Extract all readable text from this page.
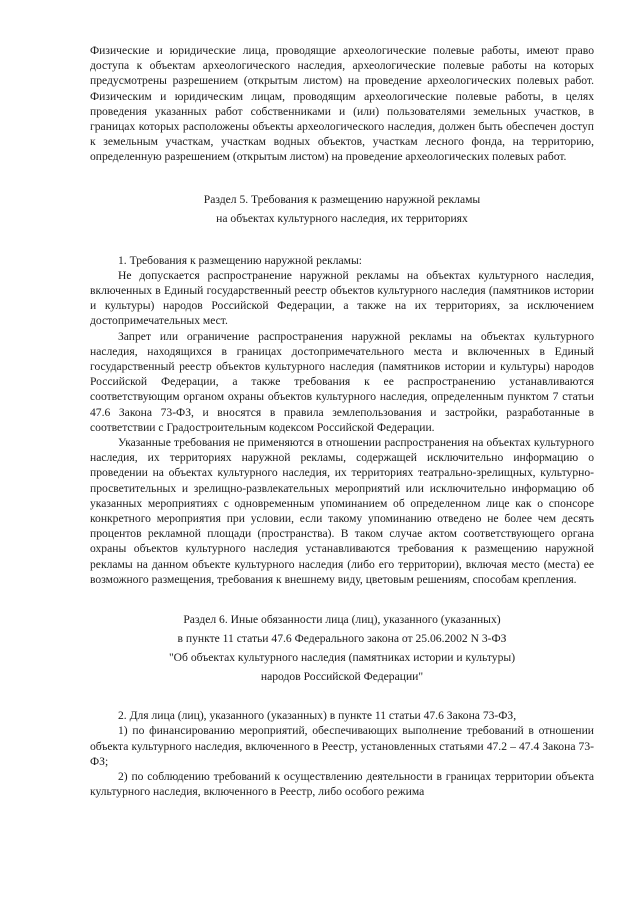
Физические и юридические лица, проводящие археологические полевые работы, имеют право доступа к объектам археологического наследия, археологические полевые работы на которых предусмотрены разрешением (открытым листом) на проведение археологических полевых работ. Физическим и юридическим лицам, проводящим археологические полевые работы, в целях проведения указанных работ собственниками и (или) пользователями земельных участков, в границах которых расположены объекты археологического наследия, должен быть обеспечен доступ к земельным участкам, участкам водных объектов, участкам лесного фонда, на территорию, определенную разрешением (открытым листом) на проведение археологических полевых работ.

Раздел 5. Требования к размещению наружной рекламы

на объектах культурного наследия, их территориях

1. Требования к размещению наружной рекламы:

Не допускается распространение наружной рекламы на объектах культурного наследия, включенных в Единый государственный реестр объектов культурного наследия (памятников истории и культуры) народов Российской Федерации, а также на их территориях, за исключением достопримечательных мест.

Запрет или ограничение распространения наружной рекламы на объектах культурного наследия, находящихся в границах достопримечательного места и включенных в Единый государственный реестр объектов культурного наследия (памятников истории и культуры) народов Российской Федерации, а также требования к ее распространению устанавливаются соответствующим органом охраны объектов культурного наследия, определенным пунктом 7 статьи 47.6 Закона 73-ФЗ, и вносятся в правила землепользования и застройки, разработанные в соответствии с Градостроительным кодексом Российской Федерации.

Указанные требования не применяются в отношении распространения на объектах культурного наследия, их территориях наружной рекламы, содержащей исключительно информацию о проведении на объектах культурного наследия, их территориях театрально-зрелищных, культурно-просветительных и зрелищно-развлекательных мероприятий или исключительно информацию об указанных мероприятиях с одновременным упоминанием об определенном лице как о спонсоре конкретного мероприятия при условии, если такому упоминанию отведено не более чем десять процентов рекламной площади (пространства). В таком случае актом соответствующего органа охраны объектов культурного наследия устанавливаются требования к размещению наружной рекламы на данном объекте культурного наследия (либо его территории), включая место (места) ее возможного размещения, требования к внешнему виду, цветовым решениям, способам крепления.

Раздел 6. Иные обязанности лица (лиц), указанного (указанных)

в пункте 11 статьи 47.6 Федерального закона от 25.06.2002 N 3-ФЗ

"Об объектах культурного наследия (памятниках истории и культуры)

народов Российской Федерации"

2. Для лица (лиц), указанного (указанных) в пункте 11 статьи 47.6 Закона 73-ФЗ,

1) по финансированию мероприятий, обеспечивающих выполнение требований в отношении объекта культурного наследия, включенного в Реестр, установленных статьями 47.2 – 47.4 Закона 73-ФЗ;

2) по соблюдению требований к осуществлению деятельности в границах территории объекта культурного наследия, включенного в Реестр, либо особого режима
